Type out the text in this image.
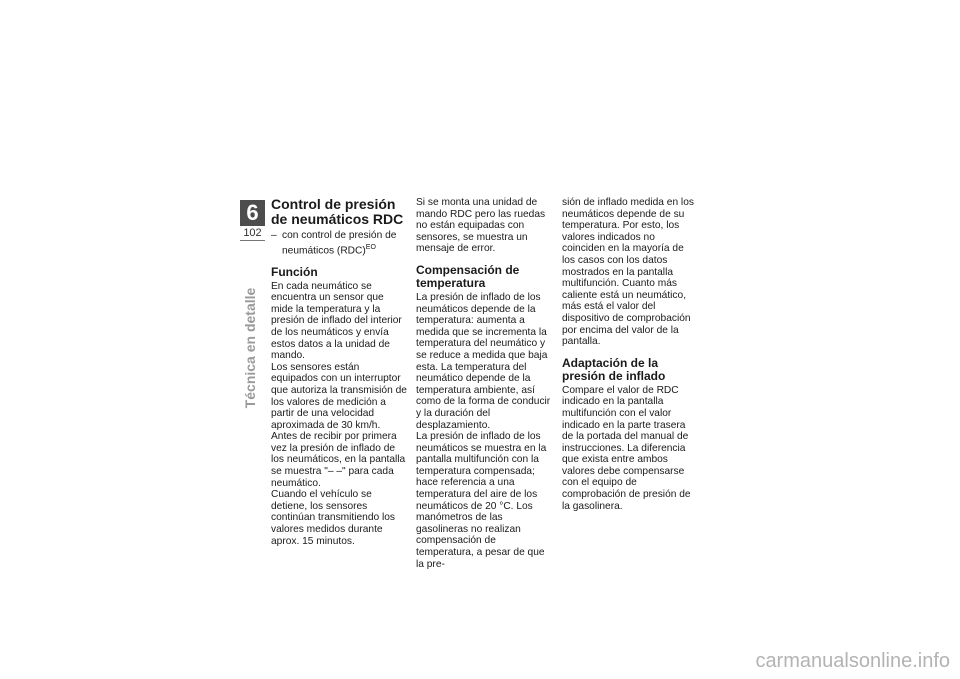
6
102
Técnica en detalle
Control de presión de neumáticos RDC
– con control de presión de neumáticos (RDC)$^{EO}$
Función

En cada neumático se encuentra un sensor que mide la temperatura y la presión de inflado del interior de los neumáticos y envía estos datos a la unidad de mando.

Los sensores están equipados con un interruptor que autoriza la transmisión de los valores de medición a partir de una velocidad aproximada de 30 km/h. Antes de recibir por primera vez la presión de inflado de los neumáticos, en la pantalla se muestra "– –" para cada neumático.

Cuando el vehículo se detiene, los sensores continúan transmitiendo los valores medidos durante aprox. 15 minutos.

Si se monta una unidad de mando RDC pero las ruedas no están equipadas con sensores, se muestra un mensaje de error.

Compensación de temperatura

La presión de inflado de los neumáticos depende de la temperatura: aumenta a medida que se incrementa la temperatura del neumático y se reduce a medida que baja esta. La temperatura del neumático depende de la temperatura ambiente, así como de la forma de conducir y la duración del desplazamiento.

La presión de inflado de los neumáticos se muestra en la pantalla multifunción con la temperatura compensada; hace referencia a una temperatura del aire de los neumáticos de 20 °C. Los manómetros de las gasolineras no realizan compensación de temperatura, a pesar de que la pre-

sión de inflado medida en los neumáticos depende de su temperatura. Por esto, los valores indicados no coinciden en la mayoría de los casos con los datos mostrados en la pantalla multifunción. Cuanto más caliente está un neumático, más está el valor del dispositivo de comprobación por encima del valor de la pantalla.

Adaptación de la presión de inflado

Compare el valor de RDC indicado en la pantalla multifunción con el valor indicado en la parte trasera de la portada del manual de instrucciones. La diferencia que exista entre ambos valores debe compensarse con el equipo de comprobación de presión de la gasolinera.

carmanualsonline.info
